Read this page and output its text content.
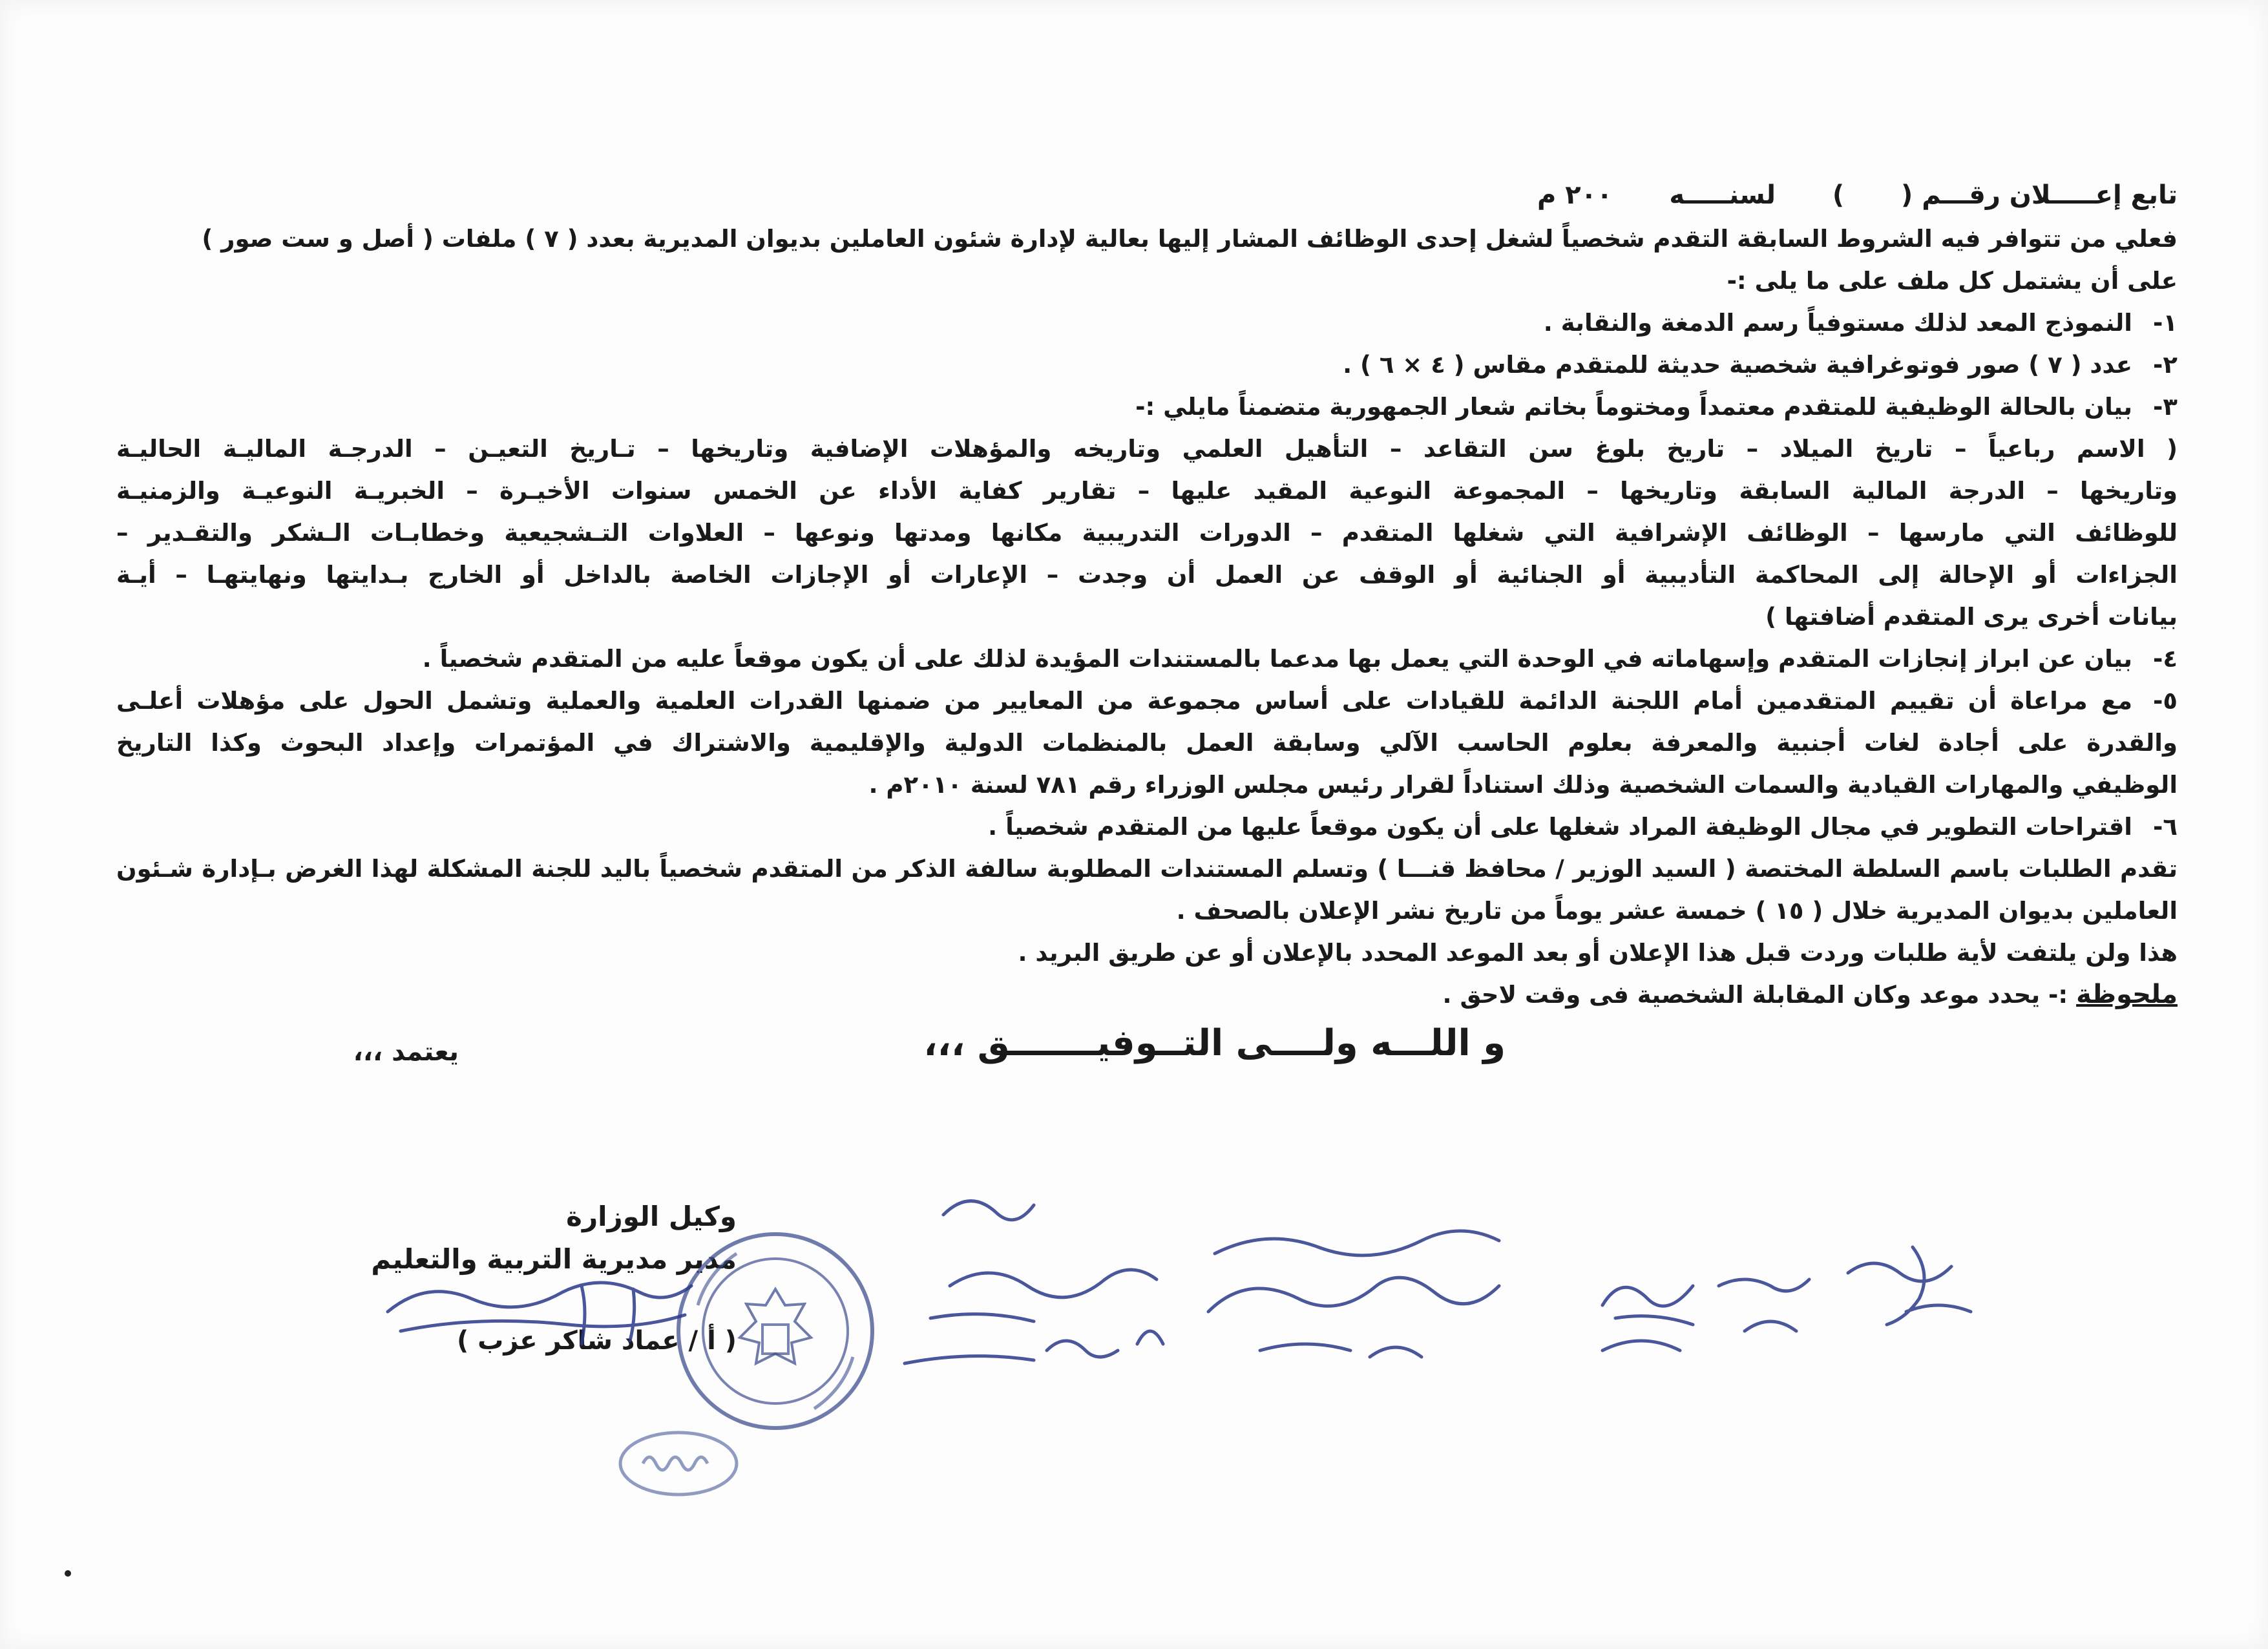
تابع إعـــــلان رقـــم (  )  لسنـــــه  ٢٠٠ م
فعلي من تتوافر فيه الشروط السابقة التقدم شخصياً لشغل إحدى الوظائف المشار إليها بعالية لإدارة شئون العاملين بديوان المديرية بعدد ( ٧ ) ملفات ( أصل و ست صور )
على أن يشتمل كل ملف على ما يلى :-
١-
النموذج المعد لذلك مستوفياً رسم الدمغة والنقابة .
٢-
عدد ( ٧ ) صور فوتوغرافية شخصية حديثة للمتقدم مقاس ( ٤ × ٦ ) .
٣-
بيان بالحالة الوظيفية للمتقدم معتمداً ومختوماً بخاتم شعار الجمهورية متضمناً مايلي :-
( الاسم رباعياً – تاريخ الميلاد – تاريخ بلوغ سن التقاعد – التأهيل العلمي وتاريخه والمؤهلات الإضافية وتاريخها – تـاريخ التعيـن – الدرجـة الماليـة الحاليـة
وتاريخها – الدرجة المالية السابقة وتاريخها – المجموعة النوعية المقيد عليها – تقارير كفاية الأداء عن الخمس سنوات الأخيـرة – الخبريـة النوعيـة والزمنيـة
للوظائف التي مارسها – الوظائف الإشرافية التي شغلها المتقدم – الدورات التدريبية مكانها ومدتها ونوعها – العلاوات التـشجيعية وخطابـات الـشكر والتقـدير –
الجزاءات أو الإحالة إلى المحاكمة التأديبية أو الجنائية أو الوقف عن العمل أن وجدت – الإعارات أو الإجازات الخاصة بالداخل أو الخارج بـدايتها ونهايتهـا – أيـة
بيانات أخرى يرى المتقدم أضافتها )
٤-
بيان عن ابراز إنجازات المتقدم وإسهاماته في الوحدة التي يعمل بها مدعما بالمستندات المؤيدة لذلك على أن يكون موقعاً عليه من المتقدم شخصياً .
٥-
مع مراعاة أن تقييم المتقدمين أمام اللجنة الدائمة للقيادات على أساس مجموعة من المعايير من ضمنها القدرات العلمية والعملية وتشمل الحول على مؤهلات أعلـى
والقدرة على أجادة لغات أجنبية والمعرفة بعلوم الحاسب الآلي وسابقة العمل بالمنظمات الدولية والإقليمية والاشتراك في المؤتمرات وإعداد البحوث وكذا التاريخ
الوظيفي والمهارات القيادية والسمات الشخصية وذلك استناداً لقرار رئيس مجلس الوزراء رقم ٧٨١ لسنة ٢٠١٠م .
٦-
اقتراحات التطوير في مجال الوظيفة المراد شغلها على أن يكون موقعاً عليها من المتقدم شخصياً .
تقدم الطلبات باسم السلطة المختصة ( السيد الوزير / محافظ قنـــا ) وتسلم المستندات المطلوبة سالفة الذكر من المتقدم شخصياً باليد للجنة المشكلة لهذا الغرض بـإدارة شـئون
العاملين بديوان المديرية خلال ( ١٥ ) خمسة عشر يوماً من تاريخ نشر الإعلان بالصحف .
هذا ولن يلتفت لأية طلبات وردت قبل هذا الإعلان أو بعد الموعد المحدد بالإعلان أو عن طريق البريد .
ملحوظة :- يحدد موعد وكان المقابلة الشخصية فى وقت لاحق .
و اللـــه ولــــى التــوفيـــــــق ،،،
يعتمد ،،،
وكيل الوزارة
مدير مديرية التربية والتعليم
( أ / عماد شاكر عزب )
